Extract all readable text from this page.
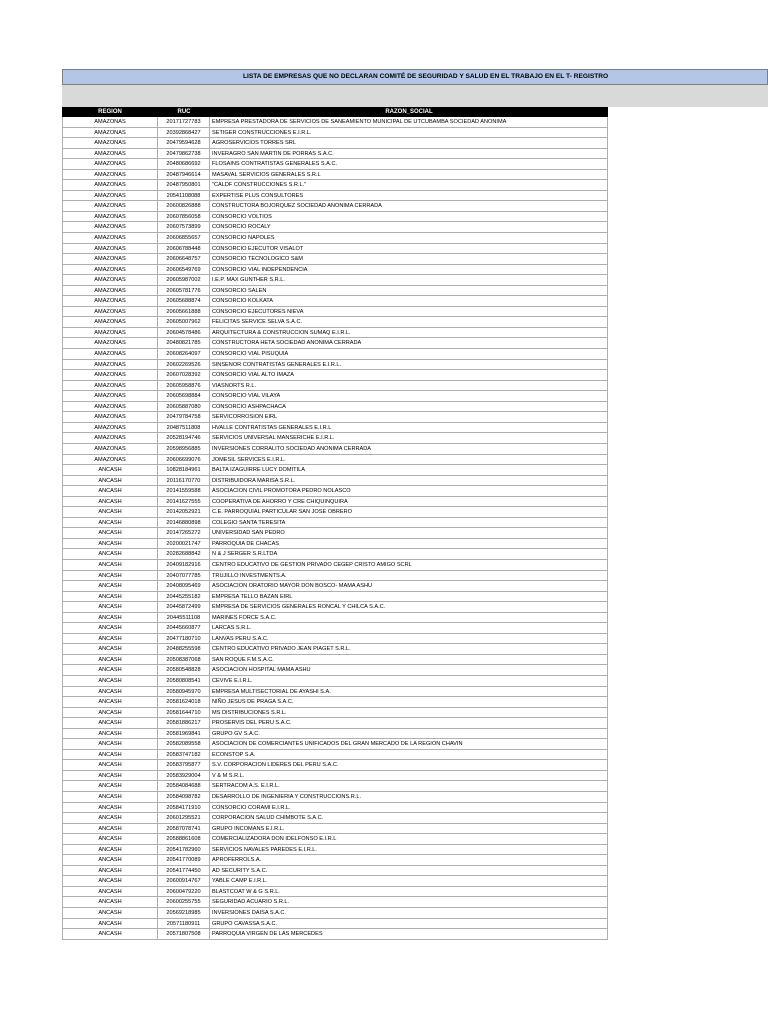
LISTA DE EMPRESAS QUE NO DECLARAN COMITÉ DE SEGURIDAD Y SALUD EN EL TRABAJO EN EL T- REGISTRO
REGION	RUC	RAZON_SOCIAL
AMAZONAS	20171727783	EMPRESA PRESTADORA DE SERVICIOS DE SANEAMIENTO MUNICIPAL DE UTCUBAMBA SOCIEDAD ANONIMA
AMAZONAS	20392868427	SETIGER CONSTRUCCIONES E.I.R.L.
AMAZONAS	20479594628	AGROSERVICIOS TORRES SRL
AMAZONAS	20479862738	INVERAGRO SAN MARTIN DE PORRAS S.A.C.
AMAZONAS	20480686692	FLOSAINS CONTRATISTAS GENERALES S.A.C.
AMAZONAS	20487946614	MASAVAL SERVICIOS GENERALES S.R.L
AMAZONAS	20487950801	"CALDF CONSTRUCCIONES S.R.L."
AMAZONAS	20541108088	EXPERTISE PLUS CONSULTORES
AMAZONAS	20600826888	CONSTRUCTORA BOJORQUEZ SOCIEDAD ANONIMA CERRADA
AMAZONAS	20607856058	CONSORCIO VOLTIOS
AMAZONAS	20607573899	CONSORCIO ROCALY
AMAZONAS	20606855657	CONSORCIO NAPOLES
AMAZONAS	20606788448	CONSORCIO EJECUTOR VISALOT
AMAZONAS	20606648757	CONSORCIO TECNOLOGICO S&M
AMAZONAS	20606549769	CONSORCIO VIAL INDEPENDENCIA
AMAZONAS	20605987002	I.E.P. MAX GUNTHER S.R.L.
AMAZONAS	20605781776	CONSORCIO SALEN
AMAZONAS	20605688874	CONSORCIO KOLKATA
AMAZONAS	20605661888	CONSORCIO EJECUTORES NIEVA
AMAZONAS	20605007962	FELICITAS SERVICE SELVA S.A.C.
AMAZONAS	20604578486	ARQUITECTURA & CONSTRUCCION SUMAQ E.I.R.L.
AMAZONAS	20480821785	CONSTRUCTORA HETA SOCIEDAD ANONIMA CERRADA
AMAZONAS	20608264097	CONSORCIO VIAL PISUQUIA
AMAZONAS	20602269526	SINSENOR CONTRATISTAS GENERALES E.I.R.L.
AMAZONAS	20607028392	CONSORCIO VIAL ALTO IMAZA
AMAZONAS	20605958876	VIASNORTS R.L.
AMAZONAS	20605698884	CONSORCIO VIAL VILAYA
AMAZONAS	20605887080	CONSORCIO ASHPACHACA
AMAZONAS	20479784758	SERVICORROSION EIRL
AMAZONAS	20487511808	HVALLE CONTRATISTAS GENERALES E.I.R.L
AMAZONAS	20528194746	SERVICIOS UNIVERSAL MANSERICHE E.I.R.L.
AMAZONAS	20598956885	INVERSIONES CORRALITO SOCIEDAD ANONIMA CERRADA
AMAZONAS	20606699076	JOMESIL SERVICES E.I.R.L.
ANCASH	10828184961	BALTA IZAGUIRRE LUCY DOMITILA
ANCASH	20116170770	DISTRIBUIDORA MARISA S.R.L.
ANCASH	20141559588	ASOCIACION CIVIL PROMOTORA PEDRO NOLASCO
ANCASH	20141627555	COOPERATIVA DE AHORRO Y CRE CHIQUINQUIRA
ANCASH	20142052921	C.E. PARROQUIAL PARTICULAR SAN JOSE OBRERO
ANCASH	20146880898	COLEGIO SANTA TERESITA
ANCASH	20147265272	UNIVERSIDAD SAN PEDRO
ANCASH	20200021747	PARROQUIA DE CHACAS
ANCASH	20282688842	N & J SERGER S.R.LTDA
ANCASH	20409182916	CENTRO EDUCATIVO DE GESTION PRIVADO CEGEP CRISTO AMIGO SCRL
ANCASH	20407077785	TRUJILLO INVESTMENTS.A.
ANCASH	20408095469	ASOCIACION ORATORIO MAYOR DON BOSCO- MAMA ASHU
ANCASH	20445255182	EMPRESA TELLO BAZAN EIRL
ANCASH	20445872499	EMPRESA DE SERVICIOS GENERALES RONCAL Y CHILCA S.A.C.
ANCASH	20445511108	MARINES FORCE S.A.C.
ANCASH	20445660877	LARCAS S.R.L.
ANCASH	20477180710	LANVAS PERU S.A.C.
ANCASH	20488255598	CENTRO EDUCATIVO PRIVADO JEAN PIAGET S.R.L.
ANCASH	20508387068	SAN ROQUE F.M.S.A.C.
ANCASH	20580548828	ASOCIACION HOSPITAL MAMA ASHU
ANCASH	20580808541	CEVIVE E.I.R.L.
ANCASH	20580945970	EMPRESA MULTISECTORIAL DE AYASHI S.A.
ANCASH	20581624018	NIÑO JESUS DE PRAGA S.A.C.
ANCASH	20581644710	MS DISTRIBUCIONES S.R.L.
ANCASH	20581886217	PROSERVIS DEL PERU S.A.C.
ANCASH	20581969841	GRUPO GV S.A.C.
ANCASH	20582089558	ASOCIACION DE COMERCIANTES UNIFICADOS DEL GRAN MERCADO DE LA REGION CHAVIN
ANCASH	20583747182	ECONSTOP S.A.
ANCASH	20583795877	S.V. CORPORACION LIDERES DEL PERU S.A.C.
ANCASH	20583929004	V & M S.R.L.
ANCASH	20584084688	SERTRACOM A.S. E.I.R.L.
ANCASH	20584098782	DESARROLLO DE INGENIERIA Y CONSTRUCCIONS.R.L.
ANCASH	20584171910	CONSORCIO CORAMI E.I.R.L.
ANCASH	20601295521	CORPORACION SALUD CHIMBOTE S.A.C.
ANCASH	20587078741	GRUPO INCOMANS E.I.R.L.
ANCASH	20588861608	COMERCIALIZADORA DON IDELFONSO E.I.R.L
ANCASH	20541782960	SERVICIOS NAVALES PAREDES E.I.R.L.
ANCASH	20541770089	APROFERROLS.A.
ANCASH	20541774450	AD SECURITY S.A.C.
ANCASH	20600914767	YABLE CAMP E.I.R.L.
ANCASH	20600479220	BLASTCOAT W & G S.R.L.
ANCASH	20600255755	SEGURIDAD ACUARIO S.R.L.
ANCASH	20569218985	INVERSIONES DAISA S.A.C.
ANCASH	20571180911	GRUPO CAVASSA S.A.C.
ANCASH	20571807508	PARROQUIA VIRGEN DE LAS MERCEDES
